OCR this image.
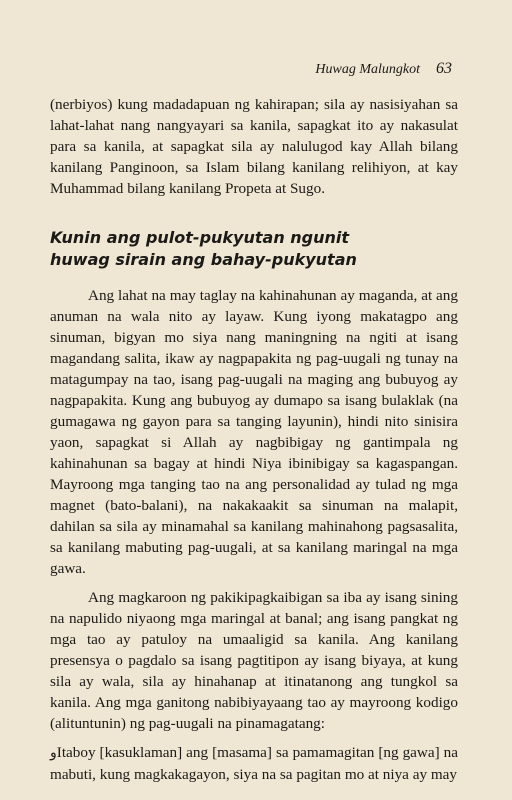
Huwag Malungkot 63

(nerbiyos) kung madadapuan ng kahirapan; sila ay nasisiyahan sa lahat-lahat nang nangyayari sa kanila, sapagkat ito ay nakasulat para sa kanila, at sapagkat sila ay nalulugod kay Allah bilang kanilang Panginoon, sa Islam bilang kanilang relihiyon, at kay Muhammad bilang kanilang Propeta at Sugo.

Kunin ang pulot-pukyutan ngunit
huwag sirain ang bahay-pukyutan

Ang lahat na may taglay na kahinahunan ay maganda, at ang anuman na wala nito ay layaw. Kung iyong makatagpo ang sinuman, bigyan mo siya nang maningning na ngiti at isang magandang salita, ikaw ay nagpapakita ng pag-uugali ng tunay na matagumpay na tao, isang pag-uugali na maging ang bubuyog ay nagpapakita. Kung ang bubuyog ay dumapo sa isang bulaklak (na gumagawa ng gayon para sa tanging layunin), hindi nito sinisira yaon, sapagkat si Allah ay nagbibigay ng gantimpala ng kahinahunan sa bagay at hindi Niya ibinibigay sa kagaspangan. Mayroong mga tanging tao na ang personalidad ay tulad ng mga magnet (bato-balani), na nakakaakit sa sinuman na malapit, dahilan sa sila ay minamahal sa kanilang mahinahong pagsasalita, sa kanilang mabuting pag-uugali, at sa kanilang maringal na mga gawa.

Ang magkaroon ng pakikipagkaibigan sa iba ay isang sining na napulido niyaong mga maringal at banal; ang isang pangkat ng mga tao ay patuloy na umaaligid sa kanila. Ang kanilang presensya o pagdalo sa isang pagtitipon ay isang biyaya, at kung sila ay wala, sila ay hinahanap at itinatanong ang tungkol sa kanila. Ang mga ganitong nabibiyayaang tao ay mayroong kodigo (alituntunin) ng pag-uugali na pinamagatang:

ﻭItaboy [kasuklaman] ang [masama] sa pamamagitan [ng gawa] na mabuti, kung magkakagayon, siya na sa pagitan mo at niya ay may
